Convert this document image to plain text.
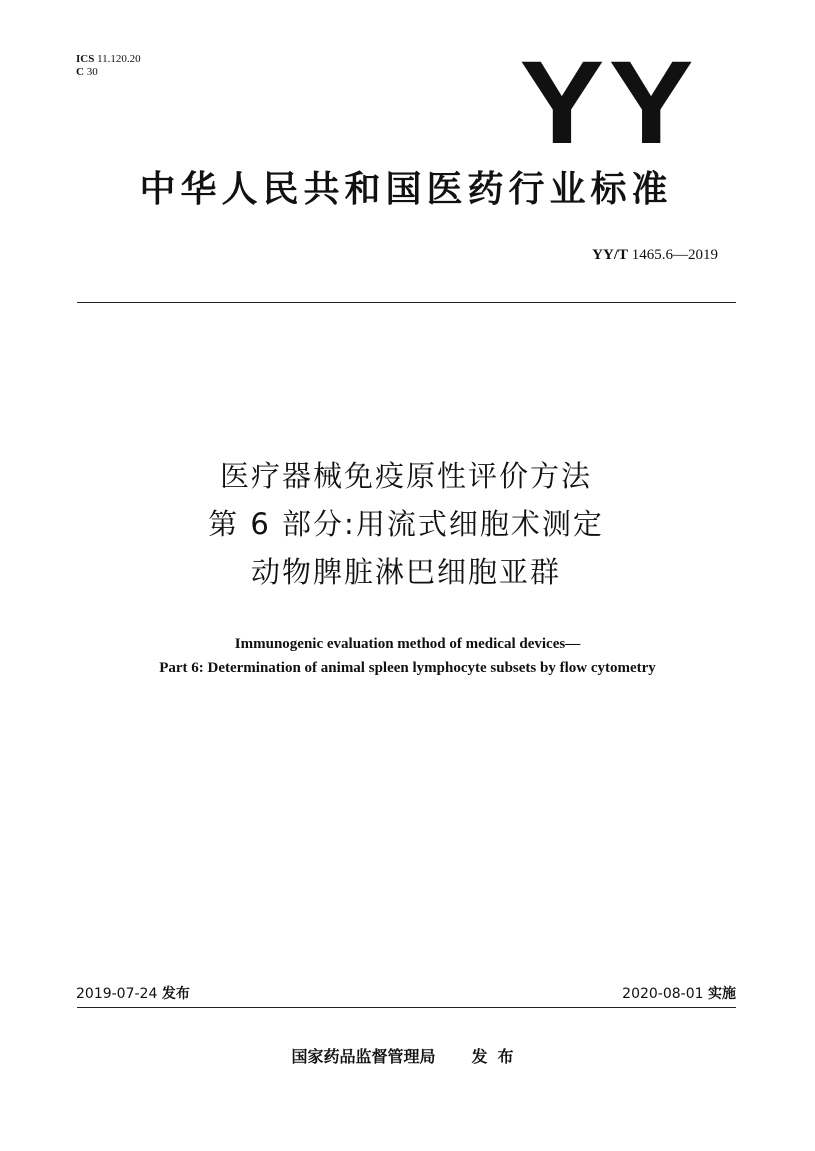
ICS 11.120.20
C 30	YY
中华人民共和国医药行业标准
YY/T 1465.6—2019
医疗器械免疫原性评价方法
第 6 部分:用流式细胞术测定
动物脾脏淋巴细胞亚群
Immunogenic evaluation method of medical devices—
Part 6: Determination of animal spleen lymphocyte subsets by flow cytometry
2019-07-24 发布	2020-08-01 实施
国家药品监督管理局 发布
